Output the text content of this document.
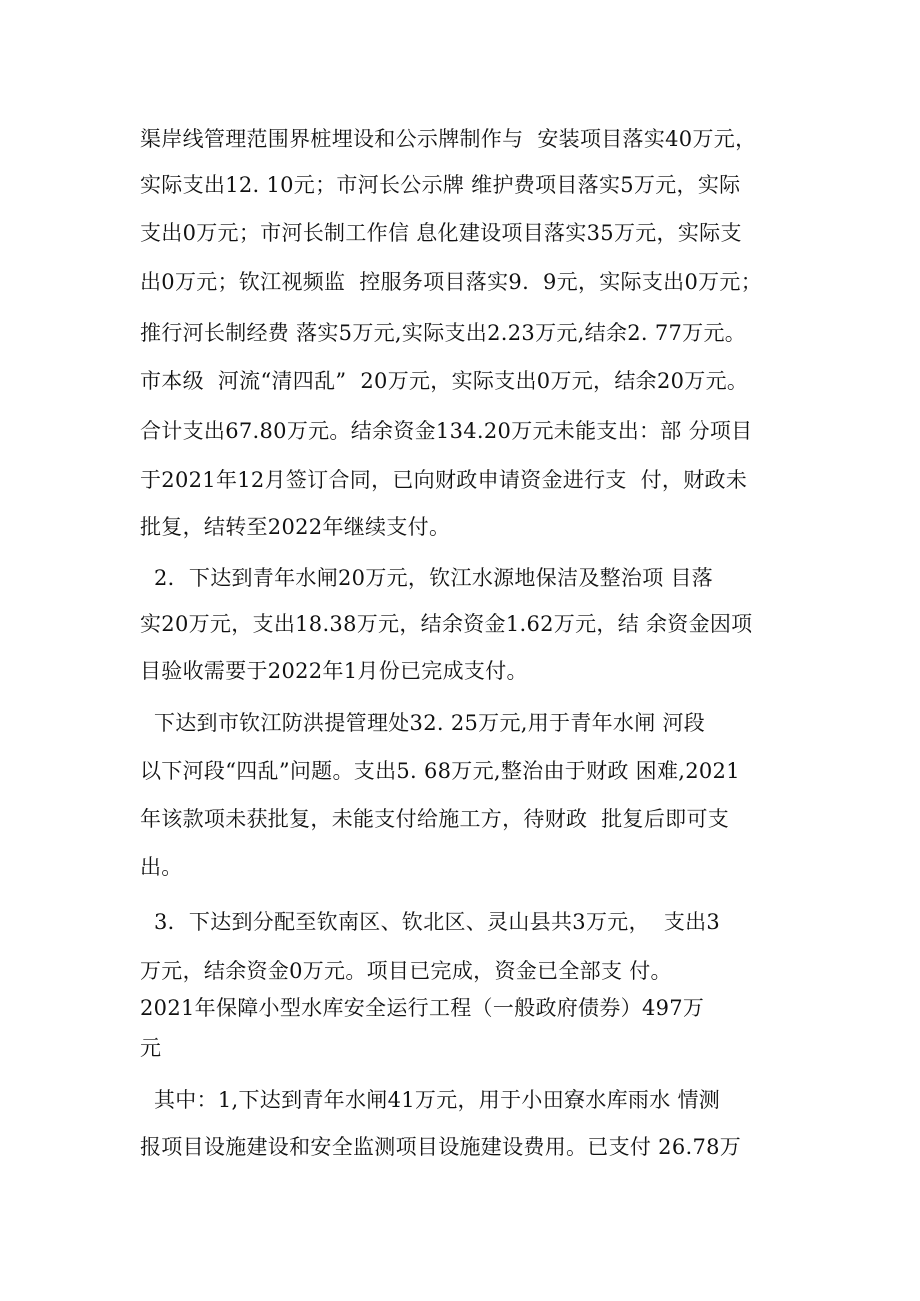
渠岸线管理范围界桩埋设和公示牌制作与  安装项目落实40万元，
实际支出12. 10元；市河长公示牌 维护费项目落实5万元，实际
支出0万元；市河长制工作信 息化建设项目落实35万元，实际支
出0万元；钦江视频监  控服务项目落实9.  9元，实际支出0万元；
推行河长制经费 落实5万元,实际支出2.23万元,结余2. 77万元。
市本级  河流“清四乱”  20万元，实际支出0万元，结余20万元。
合计支出67.80万元。结余资金134.20万元未能支出：部 分项目
于2021年12月签订合同，已向财政申请资金进行支  付，财政未
批复，结转至2022年继续支付。
2．下达到青年水闸20万元，钦江水源地保洁及整治项 目落
实20万元，支出18.38万元，结余资金1.62万元，结 余资金因项
目验收需要于2022年1月份已完成支付。
下达到市钦江防洪提管理处32. 25万元,用于青年水闸 河段
以下河段“四乱”问题。支出5. 68万元,整治由于财政 困难,2021
年该款项未获批复，未能支付给施工方，待财政  批复后即可支
出。
3．下达到分配至钦南区、钦北区、灵山县共3万元，  支出3
万元，结余资金0万元。项目已完成，资金已全部支 付。
2021年保障小型水库安全运行工程（一般政府债券）497万
元
其中：1,下达到青年水闸41万元，用于小田寮水库雨水 情测
报项目设施建设和安全监测项目设施建设费用。已支付 26.78万
